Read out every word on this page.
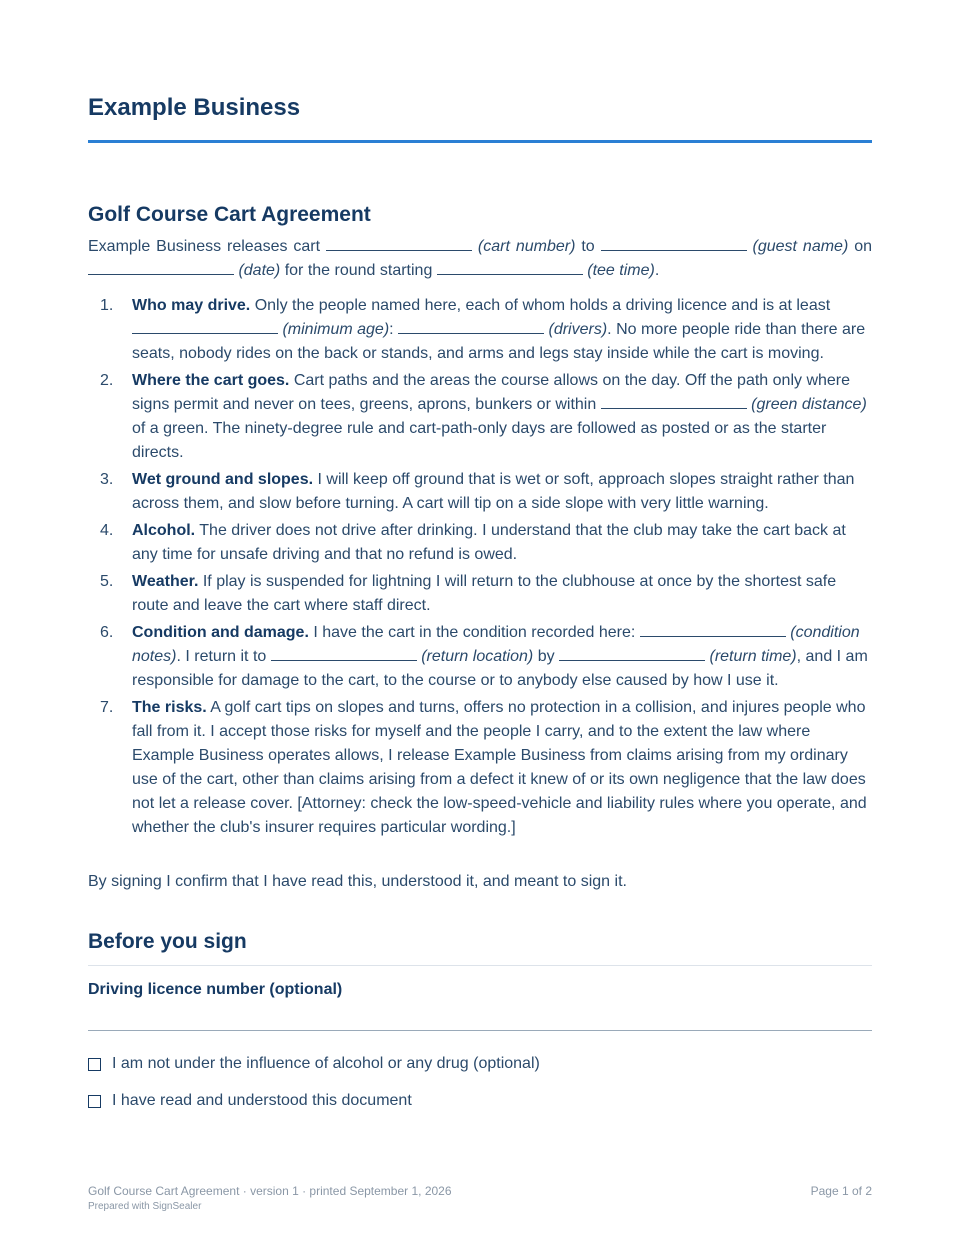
Example Business
Golf Course Cart Agreement
Example Business releases cart	(cart number) to	(guest name) on  (date) for the round starting	(tee time).
1. Who may drive. Only the people named here, each of whom holds a driving licence and is at least  (minimum age):	(drivers). No more people ride than there are seats, nobody rides on the back or stands, and arms and legs stay inside while the cart is moving.
2. Where the cart goes. Cart paths and the areas the course allows on the day. Off the path only where signs permit and never on tees, greens, aprons, bunkers or within	(green distance) of a green. The ninety-degree rule and cart-path-only days are followed as posted or as the starter directs.
3. Wet ground and slopes. I will keep off ground that is wet or soft, approach slopes straight rather than across them, and slow before turning. A cart will tip on a side slope with very little warning.
4. Alcohol. The driver does not drive after drinking. I understand that the club may take the cart back at any time for unsafe driving and that no refund is owed.
5. Weather. If play is suspended for lightning I will return to the clubhouse at once by the shortest safe route and leave the cart where staff direct.
6. Condition and damage. I have the cart in the condition recorded here:	(condition notes). I return it to	(return location) by	(return time), and I am responsible for damage to the cart, to the course or to anybody else caused by how I use it.
7. The risks. A golf cart tips on slopes and turns, offers no protection in a collision, and injures people who fall from it. I accept those risks for myself and the people I carry, and to the extent the law where Example Business operates allows, I release Example Business from claims arising from my ordinary use of the cart, other than claims arising from a defect it knew of or its own negligence that the law does not let a release cover. [Attorney: check the low-speed-vehicle and liability rules where you operate, and whether the club's insurer requires particular wording.]
By signing I confirm that I have read this, understood it, and meant to sign it.
Before you sign
Driving licence number (optional)
I am not under the influence of alcohol or any drug (optional)
I have read and understood this document
Golf Course Cart Agreement · version 1 · printed September 1, 2026
Prepared with SignSealer
Page 1 of 2
